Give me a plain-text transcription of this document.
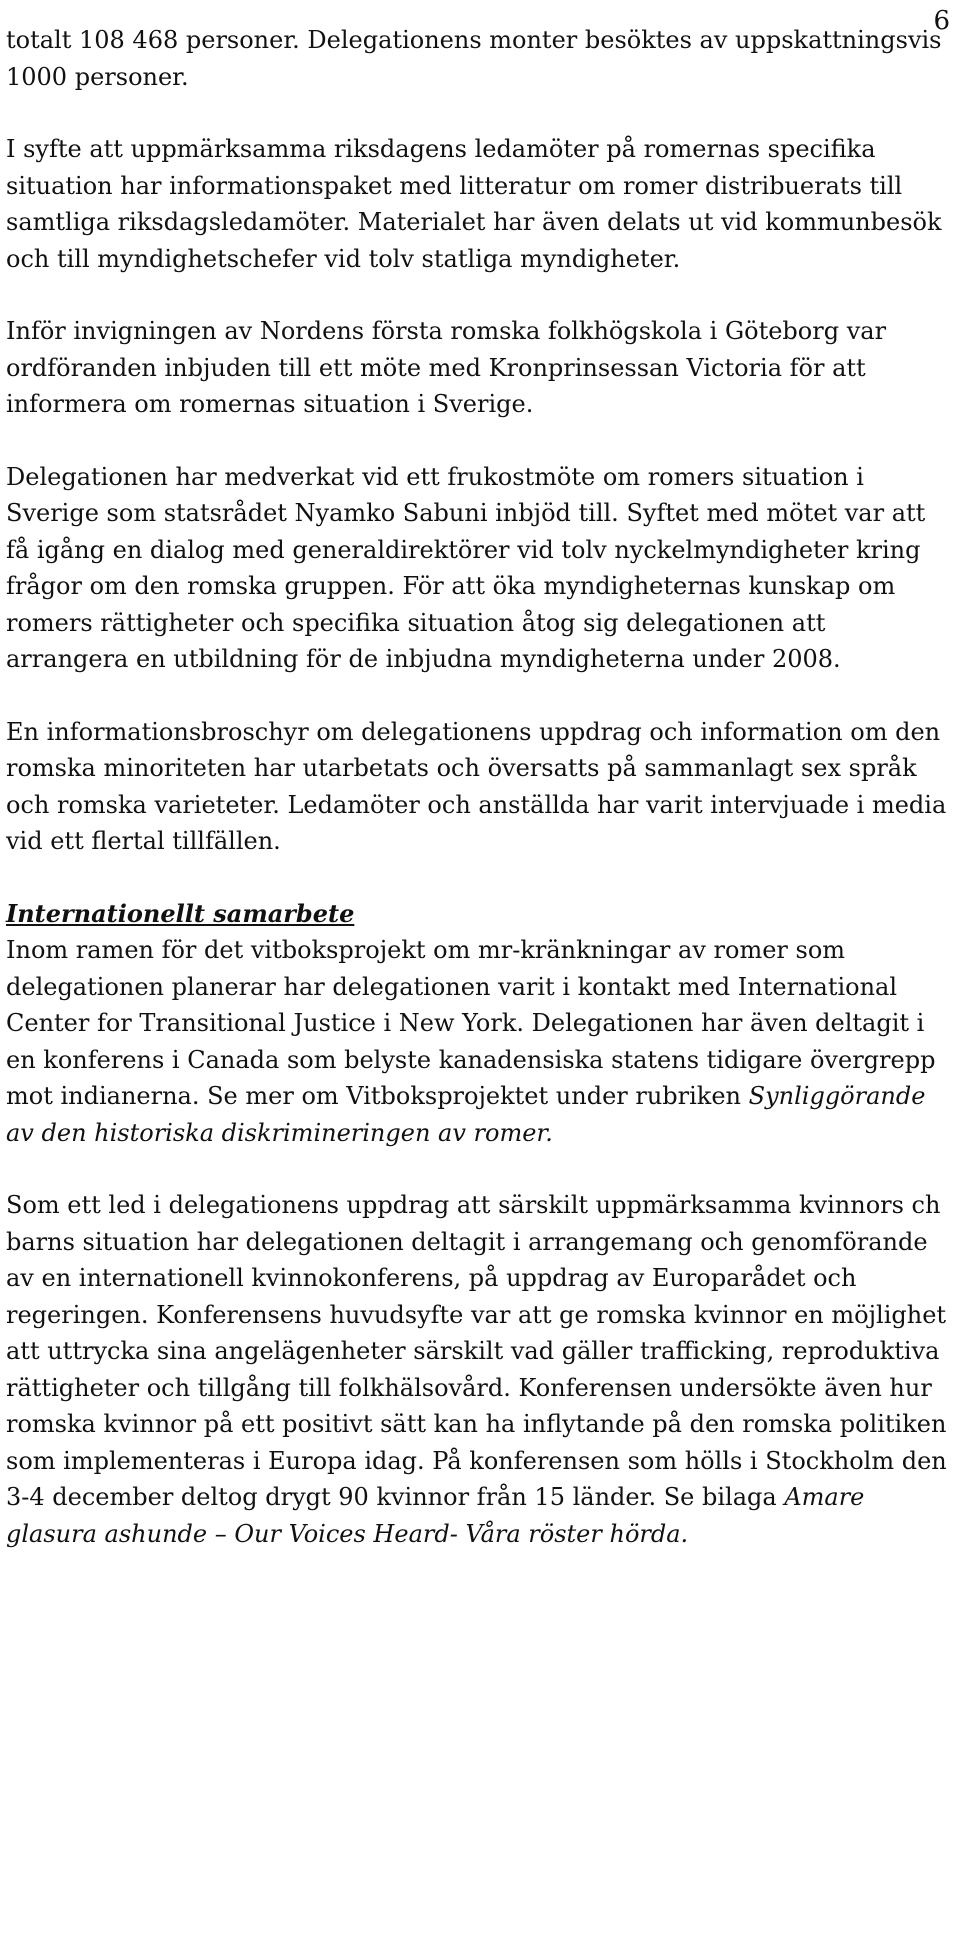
6

totalt 108 468 personer. Delegationens monter besöktes av uppskattningsvis 1000 personer.

I syfte att uppmärksamma riksdagens ledamöter på romernas specifika situation har informationspaket med litteratur om romer distribuerats till samtliga riksdagsledamöter. Materialet har även delats ut vid kommunbesök och till myndighetschefer vid tolv statliga myndigheter.

Inför invigningen av Nordens första romska folkhögskola i Göteborg var ordföranden inbjuden till ett möte med Kronprinsessan Victoria för att informera om romernas situation i Sverige.

Delegationen har medverkat vid ett frukostmöte om romers situation i Sverige som statsrådet Nyamko Sabuni inbjöd till. Syftet med mötet var att få igång en dialog med generaldirektörer vid tolv nyckelmyndigheter kring frågor om den romska gruppen. För att öka myndigheternas kunskap om romers rättigheter och specifika situation åtog sig delegationen att arrangera en utbildning för de inbjudna myndigheterna under 2008.

En informationsbroschyr om delegationens uppdrag och information om den romska minoriteten har utarbetats och översatts på sammanlagt sex språk och romska varieteter. Ledamöter och anställda har varit intervjuade i media vid ett flertal tillfällen.

Internationellt samarbete

Inom ramen för det vitboksprojekt om mr-kränkningar av romer som delegationen planerar har delegationen varit i kontakt med International Center for Transitional Justice i New York. Delegationen har även deltagit i en konferens i Canada som belyste kanadensiska statens tidigare övergrepp mot indianerna. Se mer om Vitboksprojektet under rubriken Synliggörande av den historiska diskrimineringen av romer.

Som ett led i delegationens uppdrag att särskilt uppmärksamma kvinnors ch barns situation har delegationen deltagit i arrangemang och genomförande av en internationell kvinnokonferens, på uppdrag av Europarådet och regeringen. Konferensens huvudsyfte var att ge romska kvinnor en möjlighet att uttrycka sina angelägenheter särskilt vad gäller trafficking, reproduktiva rättigheter och tillgång till folkhälsovård. Konferensen undersökte även hur romska kvinnor på ett positivt sätt kan ha inflytande på den romska politiken som implementeras i Europa idag. På konferensen som hölls i Stockholm den 3-4 december deltog drygt 90 kvinnor från 15 länder. Se bilaga Amare glasura ashunde – Our Voices Heard- Våra röster hörda.
